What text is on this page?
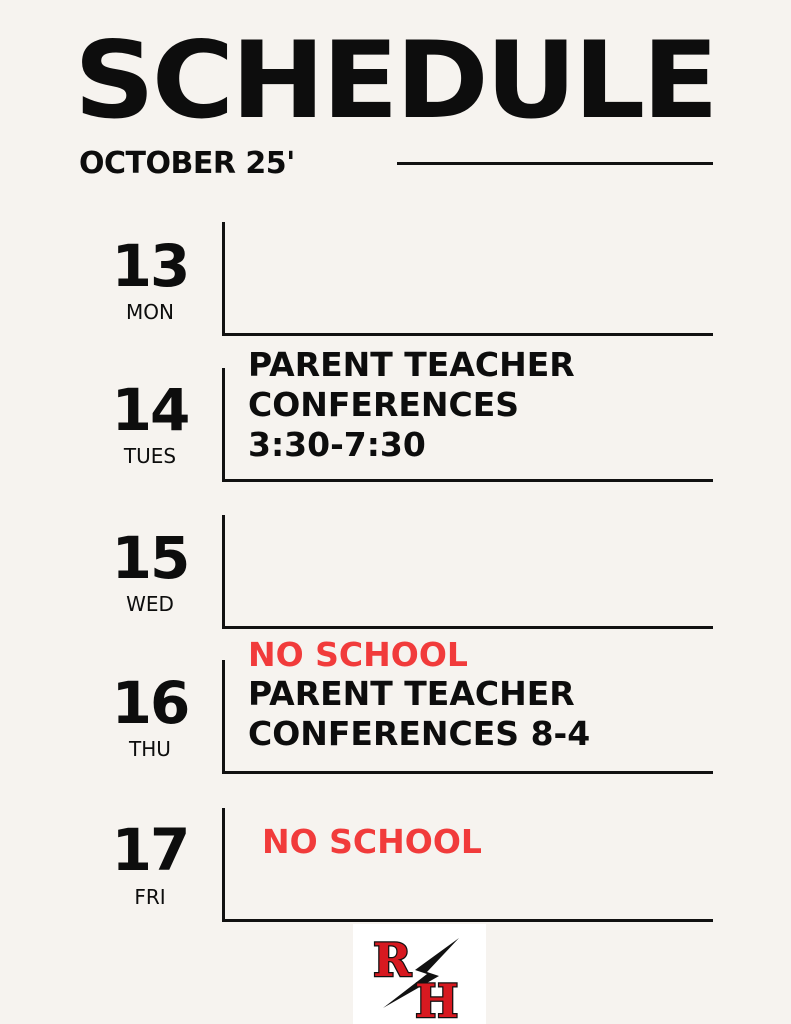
SCHEDULE
OCTOBER 25'
13
MON
14
TUES
PARENT TEACHER
CONFERENCES
3:30-7:30
15
WED
16
THU
NO SCHOOL
PARENT TEACHER
CONFERENCES 8-4
17
FRI
NO SCHOOL
R
H
